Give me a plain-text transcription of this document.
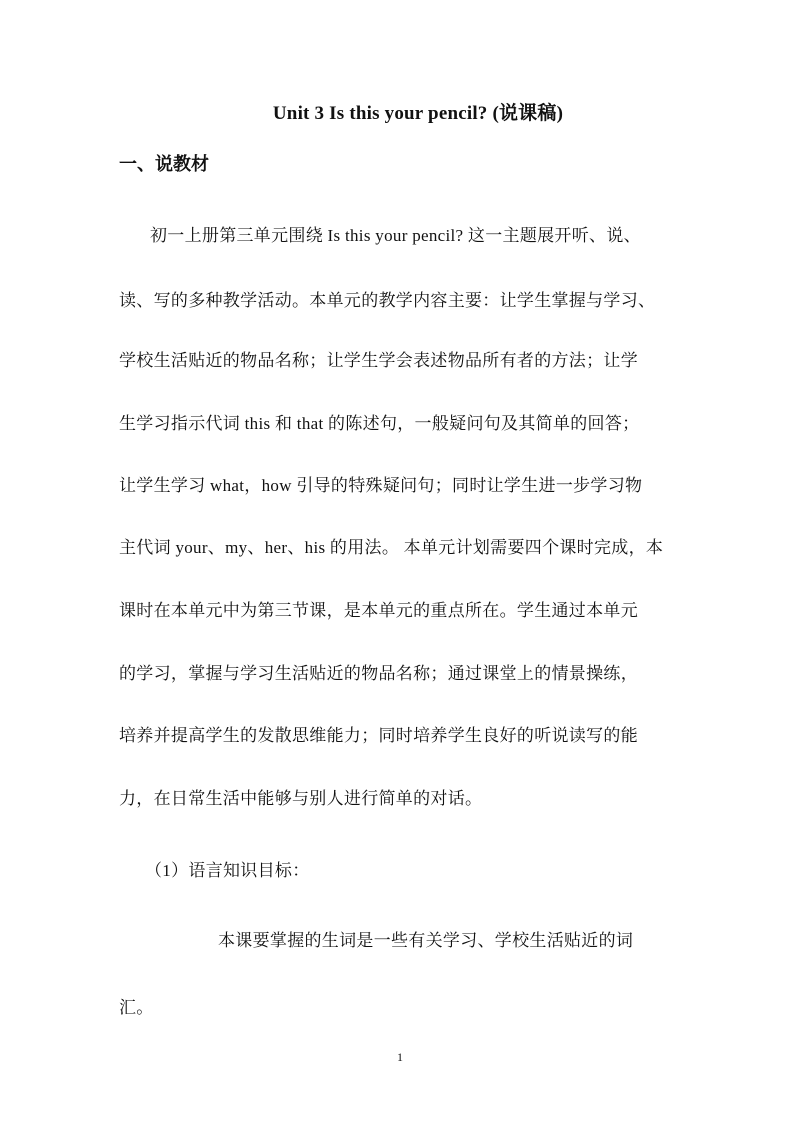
Unit 3 Is this your pencil? (说课稿)
一、说教材
初一上册第三单元围绕 Is this your pencil? 这一主题展开听、说、
读、写的多种教学活动。本单元的教学内容主要：让学生掌握与学习、
学校生活贴近的物品名称；让学生学会表述物品所有者的方法；让学
生学习指示代词 this 和 that 的陈述句，一般疑问句及其简单的回答；
让学生学习 what，how 引导的特殊疑问句；同时让学生进一步学习物
主代词 your、my、her、his 的用法。 本单元计划需要四个课时完成，本
课时在本单元中为第三节课，是本单元的重点所在。学生通过本单元
的学习，掌握与学习生活贴近的物品名称；通过课堂上的情景操练，
培养并提高学生的发散思维能力；同时培养学生良好的听说读写的能
力，在日常生活中能够与别人进行简单的对话。
（1）语言知识目标：
本课要掌握的生词是一些有关学习、学校生活贴近的词
汇。
1
